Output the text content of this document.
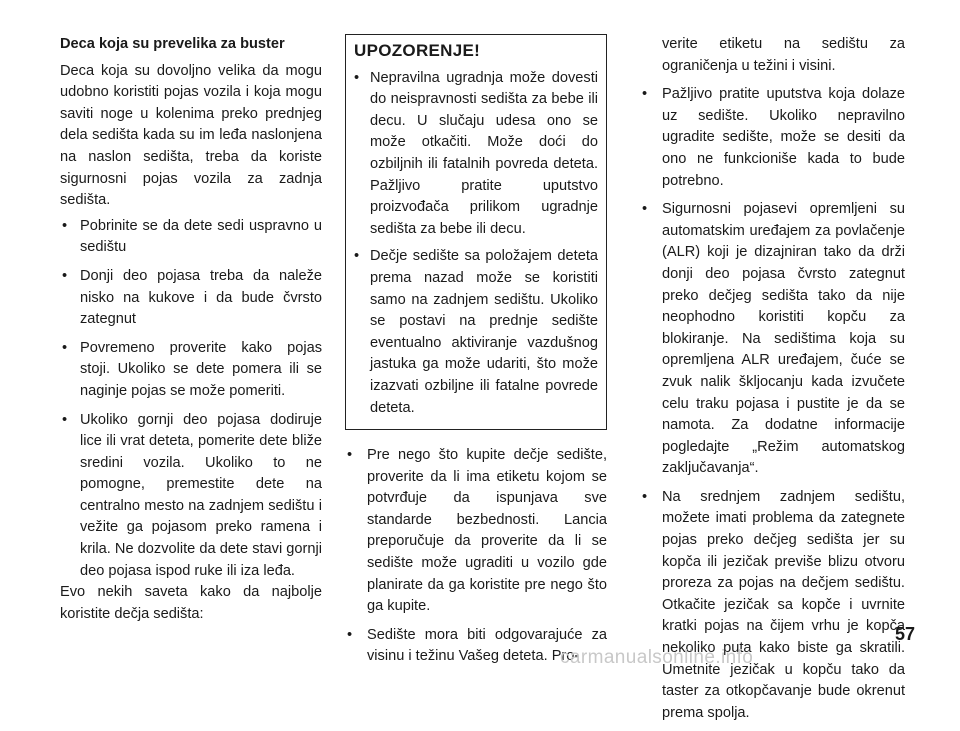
Deca koja su prevelika za buster

Deca koja su dovoljno velika da mogu udobno koristiti pojas vozila i koja mogu saviti noge u kolenima preko prednjeg dela sedišta kada su im leđa naslonjena na naslon sedišta, treba da koriste sigurnosni pojas vozila za zadnja sedišta.

• Pobrinite se da dete sedi uspravno u sedištu
• Donji deo pojasa treba da naleže nisko na kukove i da bude čvrsto zategnut
• Povremeno proverite kako pojas stoji. Ukoliko se dete pomera ili se naginje pojas se može pomeriti.
• Ukoliko gornji deo pojasa dodiruje lice ili vrat deteta, pomerite dete bliže sredini vozila. Ukoliko to ne pomogne, premestite dete na centralno mesto na zadnjem sedištu i vežite ga pojasom preko ramena i krila. Ne dozvolite da dete stavi gornji deo pojasa ispod ruke ili iza leđa.

Evo nekih saveta kako da najbolje koristite dečja sedišta:

UPOZORENJE!
• Nepravilna ugradnja može dovesti do neispravnosti sedišta za bebe ili decu. U slučaju udesa ono se može otkačiti. Može doći do ozbiljnih ili fatalnih povreda deteta. Pažljivo pratite uputstvo proizvođača prilikom ugradnje sedišta za bebe ili decu.
• Dečje sedište sa položajem deteta prema nazad može se koristiti samo na zadnjem sedištu. Ukoliko se postavi na prednje sedište eventualno aktiviranje vazdušnog jastuka ga može udariti, što može izazvati ozbiljne ili fatalne povrede deteta.
• Pre nego što kupite dečje sedište, proverite da li ima etiketu kojom se potvrđuje da ispunjava sve standarde bezbednosti. Lancia preporučuje da proverite da li se sedište može ugraditi u vozilo gde planirate da ga koristite pre nego što ga kupite.
• Sedište mora biti odgovarajuće za visinu i težinu Vašeg deteta. Pro-

verite etiketu na sedištu za ograničenja u težini i visini.

• Pažljivo pratite uputstva koja dolaze uz sedište. Ukoliko nepravilno ugradite sedište, može se desiti da ono ne funkcioniše kada to bude potrebno.
• Sigurnosni pojasevi opremljeni su automatskim uređajem za povlačenje (ALR) koji je dizajniran tako da drži donji deo pojasa čvrsto zategnut preko dečjeg sedišta tako da nije neophodno koristiti kopču za blokiranje. Na sedištima koja su opremljena ALR uređajem, čuće se zvuk nalik škljocanju kada izvučete celu traku pojasa i pustite je da se namota. Za dodatne informacije pogledajte „Režim automatskog zaključavanja“.
• Na srednjem zadnjem sedištu, možete imati problema da zategnete pojas preko dečjeg sedišta jer su kopča ili jezičak previše blizu otvoru proreza za pojas na dečjem sedištu. Otkačite jezičak sa kopče i uvrnite kratki pojas na čijem vrhu je kopča nekoliko puta kako biste ga skratili. Umetnite jezičak u kopču tako da taster za otkopčavanje bude okrenut prema spolja.
57
carmanualsonline.info
